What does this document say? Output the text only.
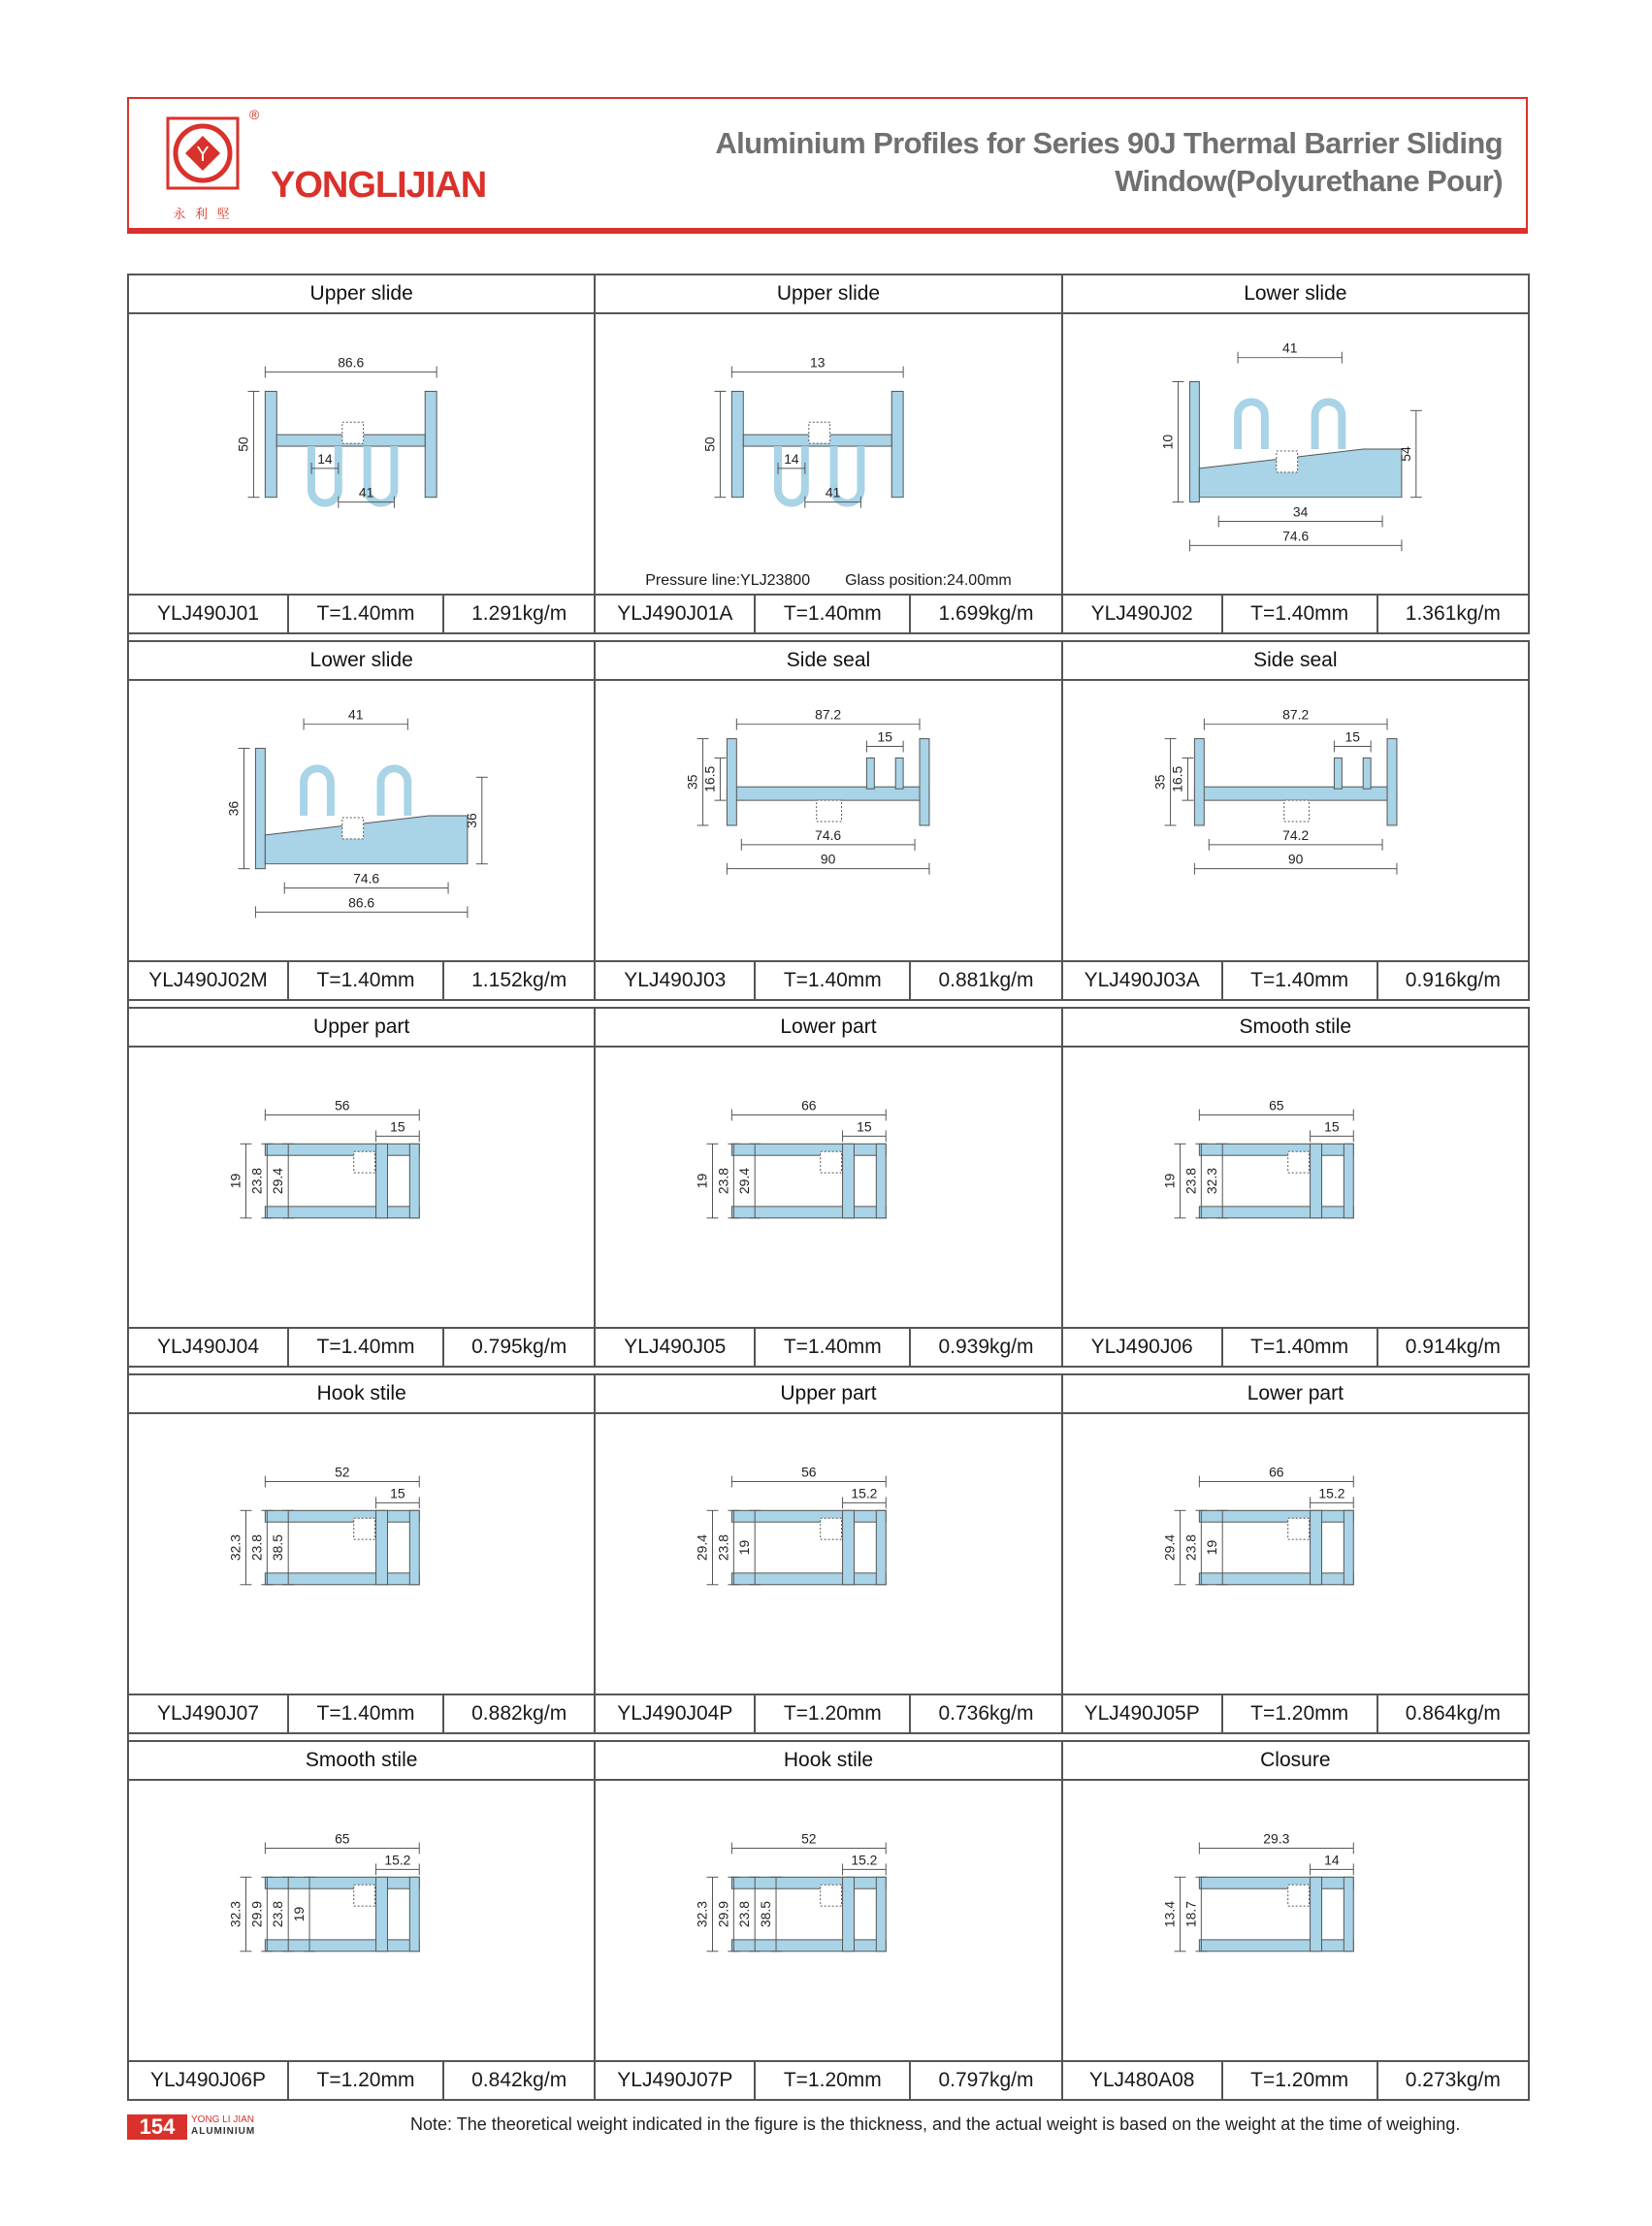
Y
永 利 堅
®
YONGLIJIAN
Aluminium Profiles for Series 90J Thermal Barrier Sliding
Window(Polyurethane Pour)
Upper slide
86.6
50
14
41
YLJ490J01	T=1.40mm	1.291kg/m
Upper slide
13
50
14
41
Pressure line:YLJ23800 Glass position:24.00mm
YLJ490J01A	T=1.40mm	1.699kg/m
Lower slide
41
10
54
34
74.6
YLJ490J02	T=1.40mm	1.361kg/m
Lower slide
41
36
36
74.6
86.6
YLJ490J02M	T=1.40mm	1.152kg/m
Side seal
87.2
15
35 16.5
74.6
90
YLJ490J03	T=1.40mm	0.881kg/m
Side seal
87.2
15
35 16.5
74.2
90
YLJ490J03A	T=1.40mm	0.916kg/m
Upper part
56
15
19 23.8 29.4
YLJ490J04	T=1.40mm	0.795kg/m
Lower part
66
15
19 23.8 29.4
YLJ490J05	T=1.40mm	0.939kg/m
Smooth stile
65
15
19 23.8 32.3
YLJ490J06	T=1.40mm	0.914kg/m
Hook stile
52
15
32.3 23.8 38.5
YLJ490J07	T=1.40mm	0.882kg/m
Upper part
56
15.2
29.4 23.8 19
YLJ490J04P	T=1.20mm	0.736kg/m
Lower part
66
15.2
29.4 23.8 19
YLJ490J05P	T=1.20mm	0.864kg/m
Smooth stile
65
15.2
32.3 29.9 23.8 19
YLJ490J06P	T=1.20mm	0.842kg/m
Hook stile
52
15.2
32.3 29.9 23.8 38.5
YLJ490J07P	T=1.20mm	0.797kg/m
Closure
29.3
14
13.4 18.7
YLJ480A08	T=1.20mm	0.273kg/m
154	YONG LI JIAN
ALUMINIUM	Note: The theoretical weight indicated in the figure is the thickness, and the actual weight is based on the weight at the time of weighing.
